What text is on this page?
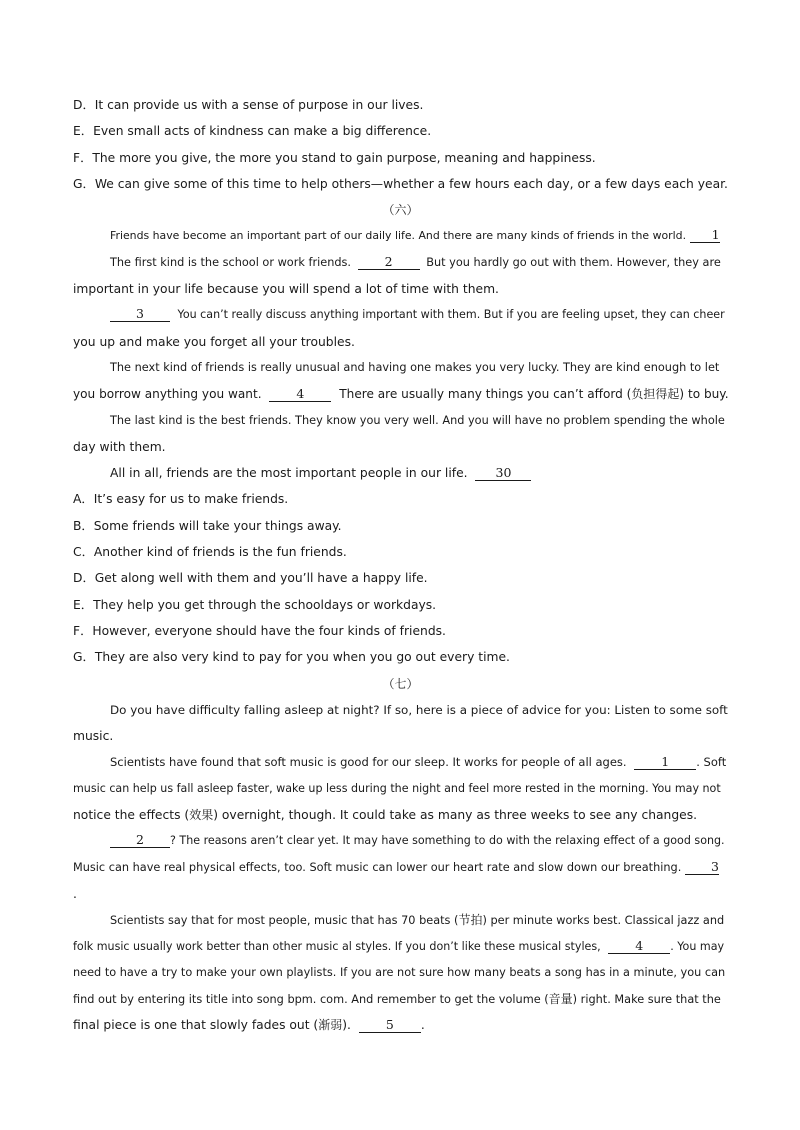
D．It can provide us with a sense of purpose in our lives.
E．Even small acts of kindness can make a big difference.
F．The more you give, the more you stand to gain purpose, meaning and happiness.
G．We can give some of this time to help others—whether a few hours each day, or a few days each year.
（六）
Friends have become an important part of our daily life. And there are many kinds of friends in the world. 1
The first kind is the school or work friends.	2	But you hardly go out with them. However, they are
important in your life because you will spend a lot of time with them.
3	You can’t really discuss anything important with them. But if you are feeling upset, they can cheer
you up and make you forget all your troubles.
The next kind of friends is really unusual and having one makes you very lucky. They are kind enough to let
you borrow anything you want.	4	There are usually many things you can’t afford (负担得起) to buy.
The last kind is the best friends. They know you very well. And you will have no problem spending the whole
day with them.
All in all, friends are the most important people in our life. 30
A．It’s easy for us to make friends.
B．Some friends will take your things away.
C．Another kind of friends is the fun friends.
D．Get along well with them and you’ll have a happy life.
E．They help you get through the schooldays or workdays.
F．However, everyone should have the four kinds of friends.
G．They are also very kind to pay for you when you go out every time.
（七）
Do you have difficulty falling asleep at night? If so, here is a piece of advice for you: Listen to some soft
music.
Scientists have found that soft music is good for our sleep. It works for people of all ages.	1 . Soft
music can help us fall asleep faster, wake up less during the night and feel more rested in the morning. You may not
notice the effects (效果) overnight, though. It could take as many as three weeks to see any changes.
2 ? The reasons aren’t clear yet. It may have something to do with the relaxing effect of a good song.
Music can have real physical effects, too. Soft music can lower our heart rate and slow down our breathing. 3
.
Scientists say that for most people, music that has 70 beats (节拍) per minute works best. Classical jazz and
folk music usually work better than other music al styles. If you don’t like these musical styles,	4 . You may
need to have a try to make your own playlists. If you are not sure how many beats a song has in a minute, you can
find out by entering its title into song bpm. com. And remember to get the volume (音量) right. Make sure that the
final piece is one that slowly fades out (渐弱).	5 .
